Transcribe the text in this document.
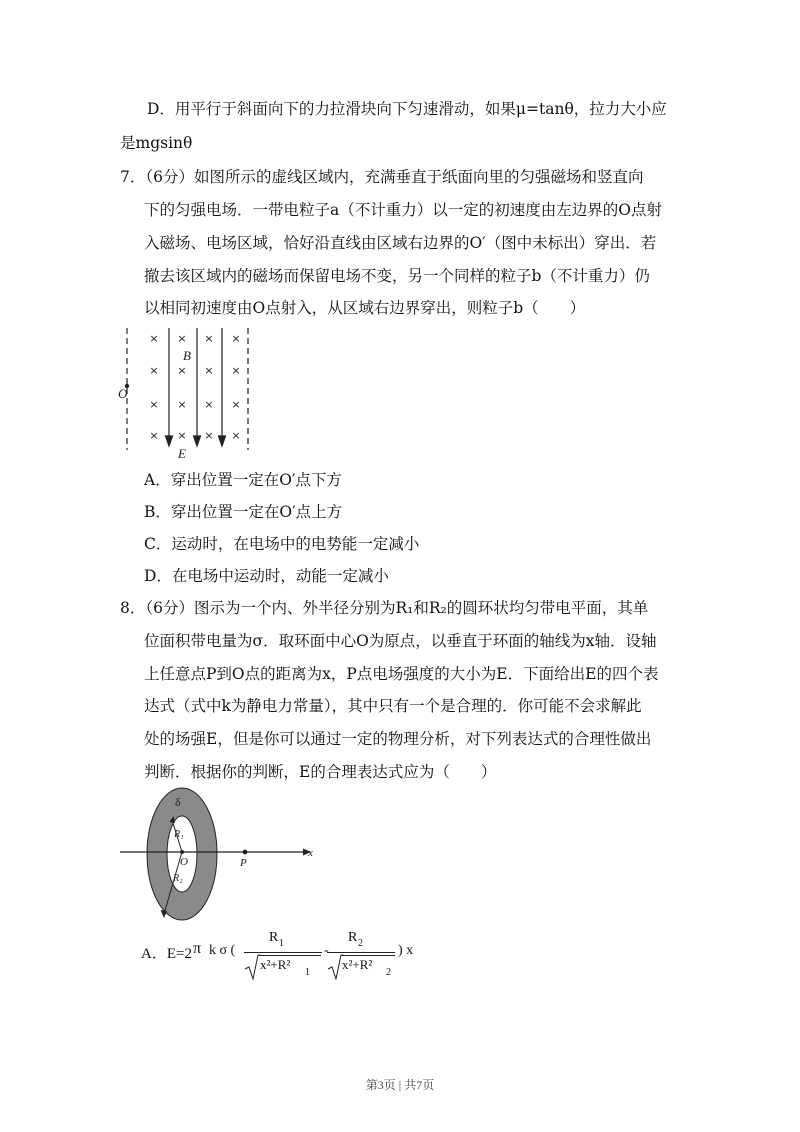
D．用平行于斜面向下的力拉滑块向下匀速滑动，如果μ=tanθ，拉力大小应
是mgsinθ
7．（6分）如图所示的虚线区域内，充满垂直于纸面向里的匀强磁场和竖直向
下的匀强电场．一带电粒子a（不计重力）以一定的初速度由左边界的O点射
入磁场、电场区域，恰好沿直线由区域右边界的O′（图中未标出）穿出．若
撤去该区域内的磁场而保留电场不变，另一个同样的粒子b（不计重力）仍
以相同初速度由O点射入，从区域右边界穿出，则粒子b（　　）
× × × ×
× × × ×
× × × ×
× × × ×
B
O
E
A．穿出位置一定在O′点下方
B．穿出位置一定在O′点上方
C．运动时，在电场中的电势能一定减小
D．在电场中运动时，动能一定减小
8．（6分）图示为一个内、外半径分别为R₁和R₂的圆环状均匀带电平面，其单
位面积带电量为σ．取环面中心O为原点，以垂直于环面的轴线为x轴．设轴
上任意点P到O点的距离为x，P点电场强度的大小为E．下面给出E的四个表
达式（式中k为静电力常量），其中只有一个是合理的．你可能不会求解此
处的场强E，但是你可以通过一定的物理分析，对下列表达式的合理性做出
判断．根据你的判断，E的合理表达式应为（　　）
δ
R₁
O
R₂
P
x
A．E=2 π k σ (
R 1
x²+R²
1
-
R 2
x²+R²
2
) x
第3页 | 共7页
